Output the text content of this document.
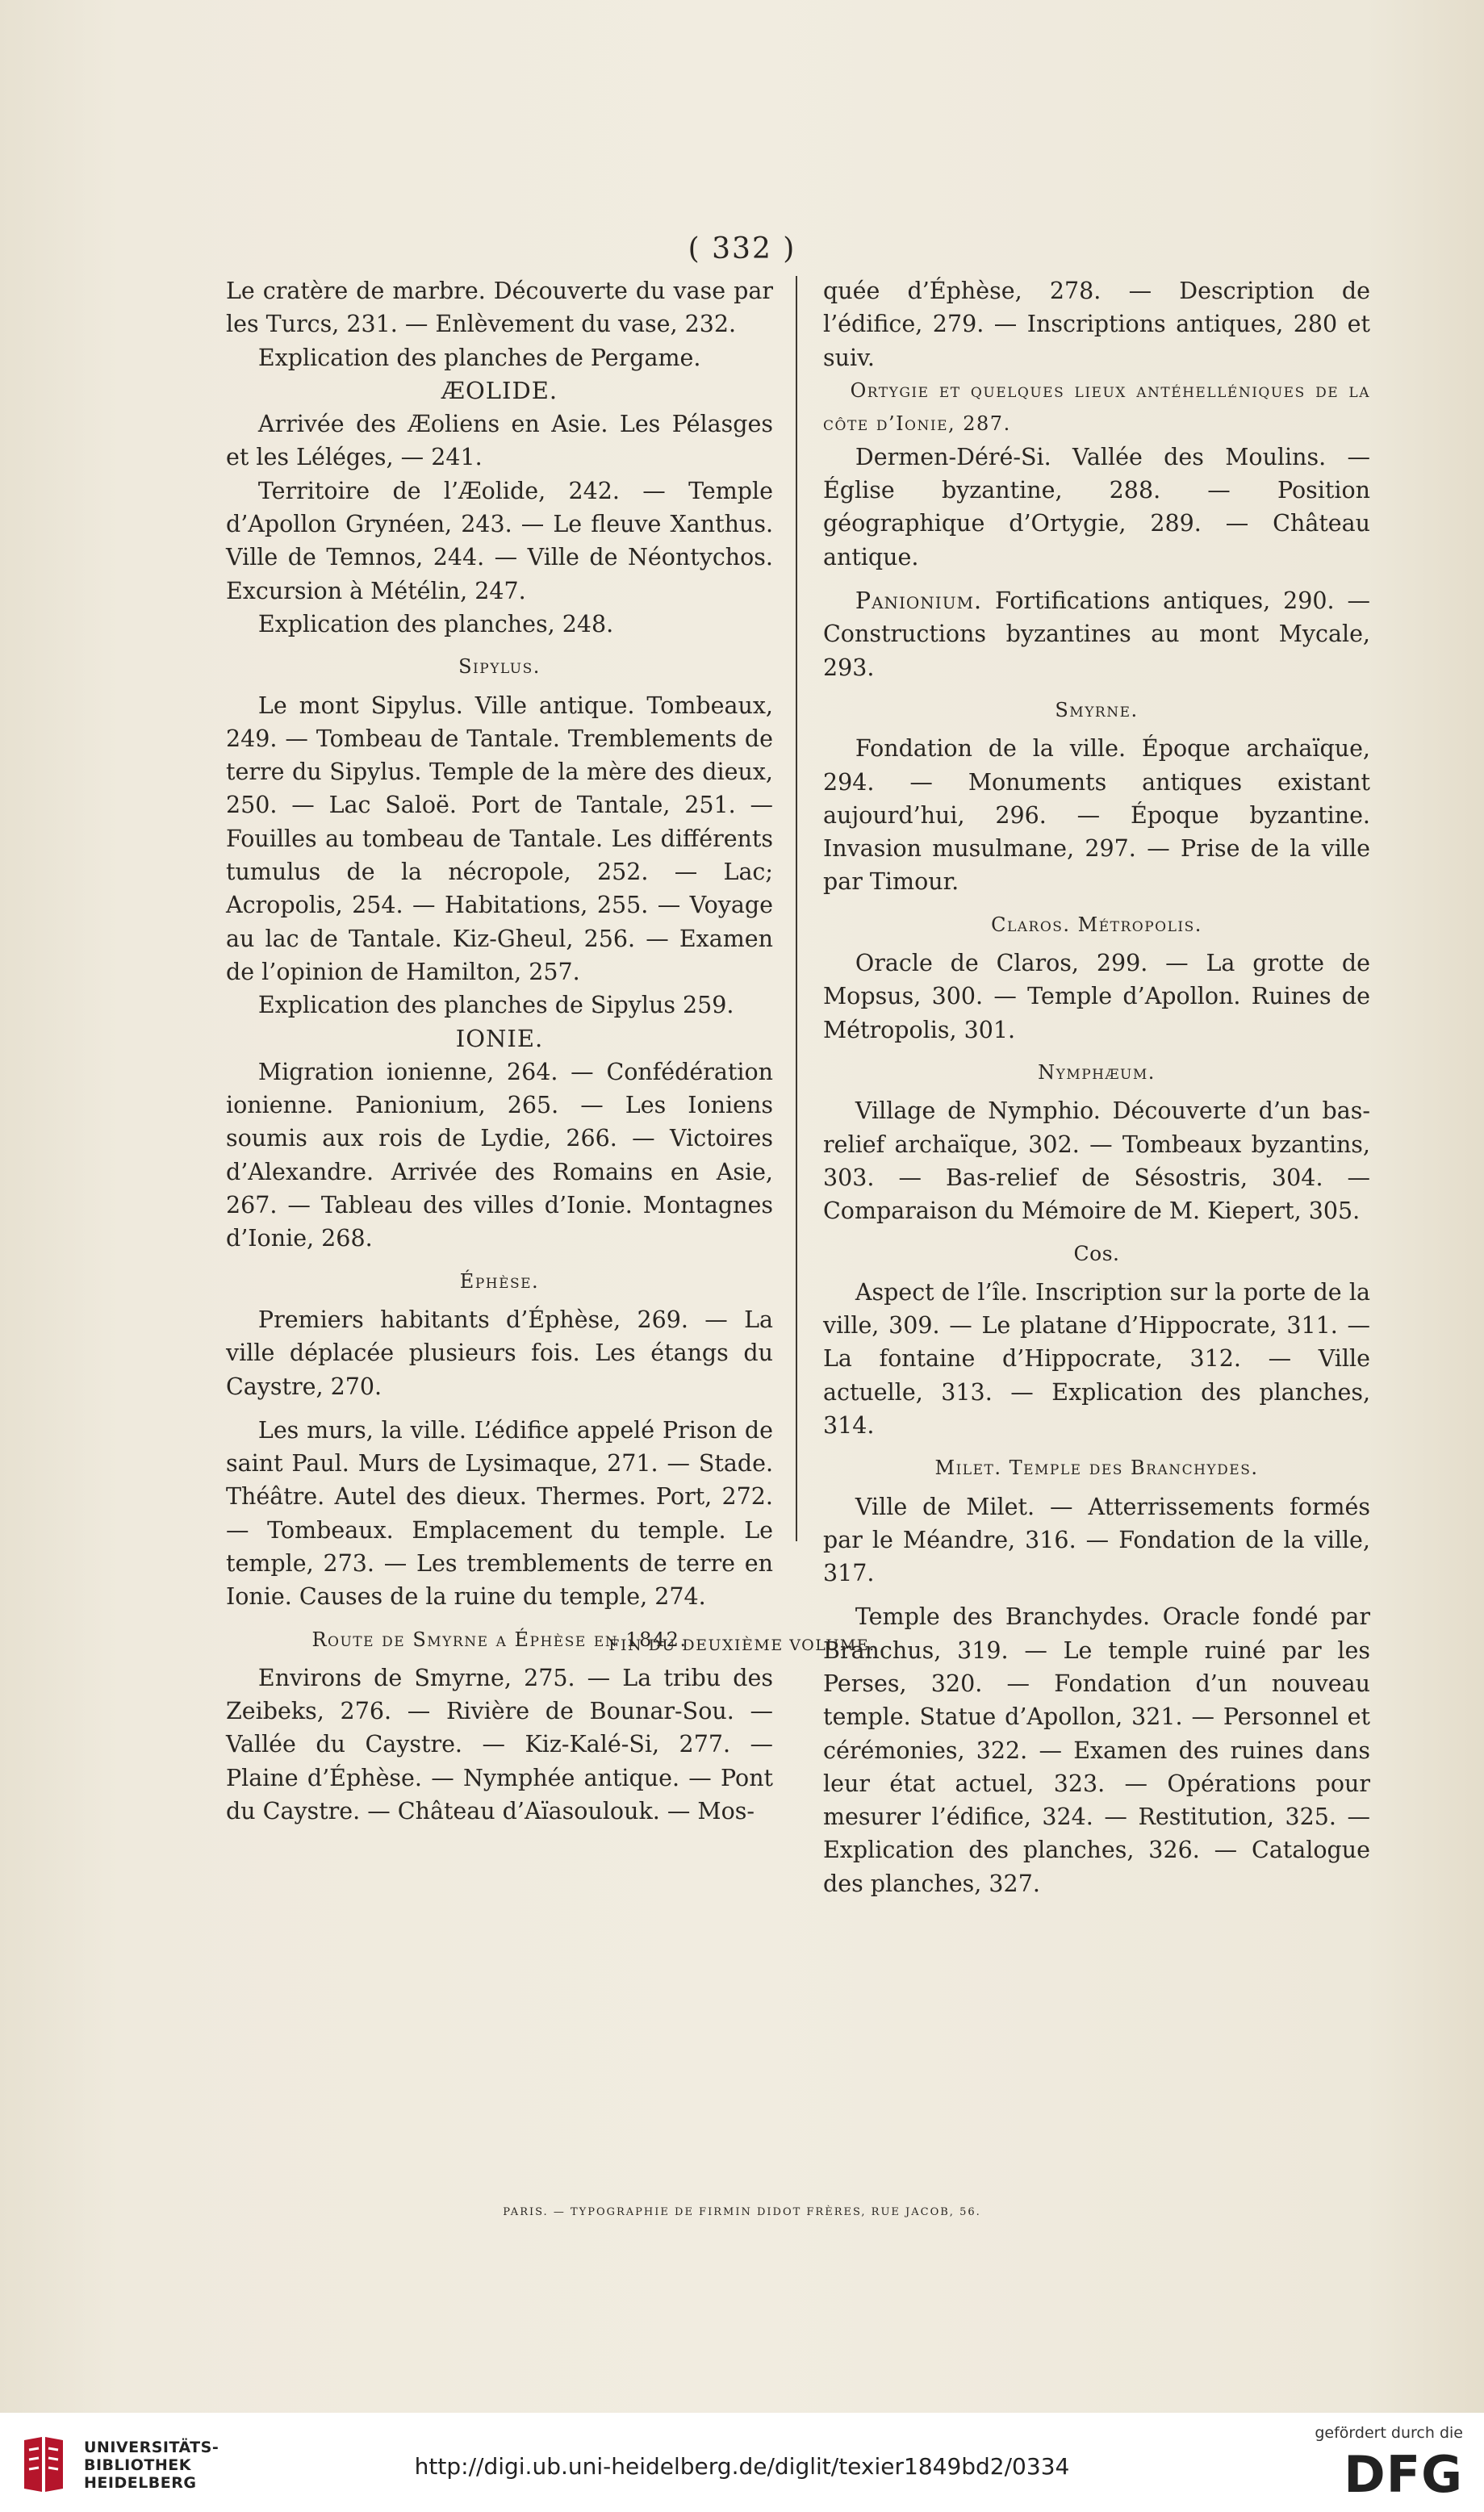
( 332 )

Le cratère de marbre. Découverte du vase par les Turcs, 231. — Enlèvement du vase, 232.

Explication des planches de Pergame.

ÆOLIDE.

Arrivée des Æoliens en Asie. Les Pélasges et les Léléges, — 241.

Territoire de l’Æolide, 242. — Temple d’Apollon Grynéen, 243. — Le fleuve Xanthus. Ville de Temnos, 244. — Ville de Néontychos. Excursion à Métélin, 247.

Explication des planches, 248.

Sipylus.

Le mont Sipylus. Ville antique. Tombeaux, 249. — Tombeau de Tantale. Tremblements de terre du Sipylus. Temple de la mère des dieux, 250. — Lac Saloë. Port de Tantale, 251. — Fouilles au tombeau de Tantale. Les différents tumulus de la nécropole, 252. — Lac; Acropolis, 254. — Habitations, 255. — Voyage au lac de Tantale. Kiz-Gheul, 256. — Examen de l’opinion de Hamilton, 257.

Explication des planches de Sipylus 259.

IONIE.

Migration ionienne, 264. — Confédération ionienne. Panionium, 265. — Les Ioniens soumis aux rois de Lydie, 266. — Victoires d’Alexandre. Arrivée des Romains en Asie, 267. — Tableau des villes d’Ionie. Montagnes d’Ionie, 268.

Éphèse.

Premiers habitants d’Éphèse, 269. — La ville déplacée plusieurs fois. Les étangs du Caystre, 270.

Les murs, la ville. L’édifice appelé Prison de saint Paul. Murs de Lysimaque, 271. — Stade. Théâtre. Autel des dieux. Thermes. Port, 272. — Tombeaux. Emplacement du temple. Le temple, 273. — Les tremblements de terre en Ionie. Causes de la ruine du temple, 274.

Route de Smyrne a Éphèse en 1842.

Environs de Smyrne, 275. — La tribu des Zeibeks, 276. — Rivière de Bounar-Sou. — Vallée du Caystre. — Kiz-Kalé-Si, 277. — Plaine d’Éphèse. — Nymphée antique. — Pont du Caystre. — Château d’Aïasoulouk. — Mos-

quée d’Éphèse, 278. — Description de l’édifice, 279. — Inscriptions antiques, 280 et suiv.

Ortygie et quelques lieux antéhelléniques de la côte d’Ionie, 287.

Dermen-Déré-Si. Vallée des Moulins. — Église byzantine, 288. — Position géographique d’Ortygie, 289. — Château antique.

Panionium. Fortifications antiques, 290. — Constructions byzantines au mont Mycale, 293.

Smyrne.

Fondation de la ville. Époque archaïque, 294. — Monuments antiques existant aujourd’hui, 296. — Époque byzantine. Invasion musulmane, 297. — Prise de la ville par Timour.

Claros. Métropolis.

Oracle de Claros, 299. — La grotte de Mopsus, 300. — Temple d’Apollon. Ruines de Métropolis, 301.

Nymphæum.

Village de Nymphio. Découverte d’un bas-relief archaïque, 302. — Tombeaux byzantins, 303. — Bas-relief de Sésostris, 304. — Comparaison du Mémoire de M. Kiepert, 305.

Cos.

Aspect de l’île. Inscription sur la porte de la ville, 309. — Le platane d’Hippocrate, 311. — La fontaine d’Hippocrate, 312. — Ville actuelle, 313. — Explication des planches, 314.

Milet. Temple des Branchydes.

Ville de Milet. — Atterrissements formés par le Méandre, 316. — Fondation de la ville, 317.

Temple des Branchydes. Oracle fondé par Branchus, 319. — Le temple ruiné par les Perses, 320. — Fondation d’un nouveau temple. Statue d’Apollon, 321. — Personnel et cérémonies, 322. — Examen des ruines dans leur état actuel, 323. — Opérations pour mesurer l’édifice, 324. — Restitution, 325. — Explication des planches, 326. — Catalogue des planches, 327.

FIN DU DEUXIÈME VOLUME.
PARIS. — TYPOGRAPHIE DE FIRMIN DIDOT FRÈRES, RUE JACOB, 56.
UNIVERSITÄTS-
BIBLIOTHEK
HEIDELBERG
http://digi.ub.uni-heidelberg.de/diglit/texier1849bd2/0334
gefördert durch die
DFG
